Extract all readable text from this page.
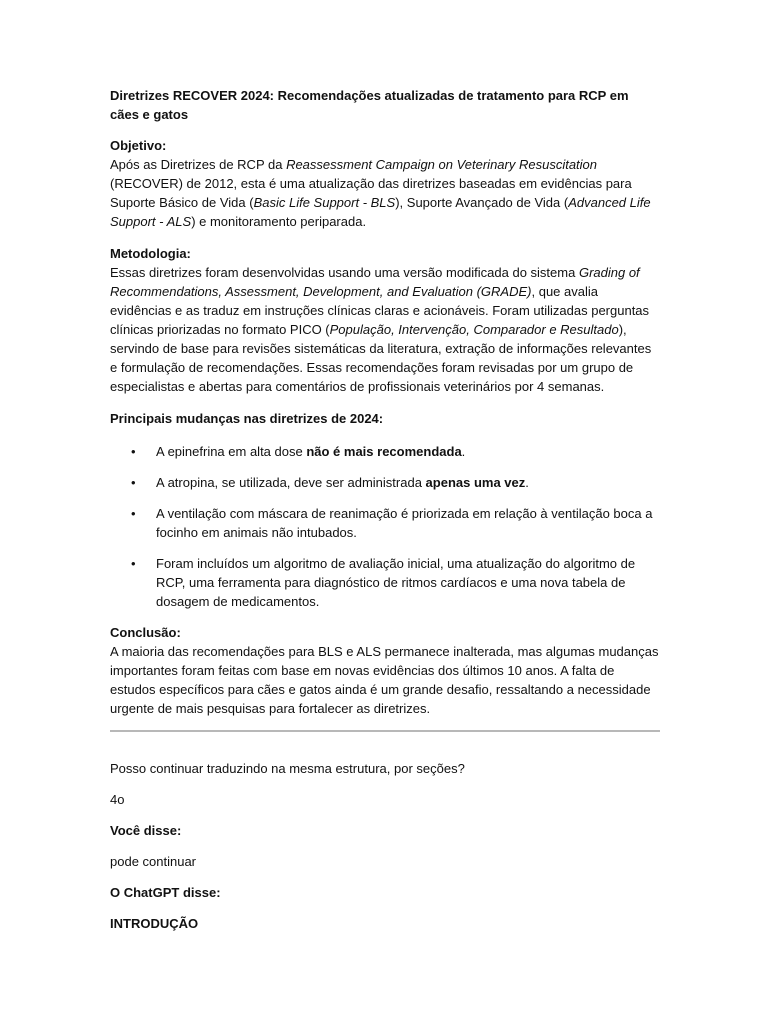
Diretrizes RECOVER 2024: Recomendações atualizadas de tratamento para RCP em cães e gatos

Objetivo:

Após as Diretrizes de RCP da Reassessment Campaign on Veterinary Resuscitation (RECOVER) de 2012, esta é uma atualização das diretrizes baseadas em evidências para Suporte Básico de Vida (Basic Life Support - BLS), Suporte Avançado de Vida (Advanced Life Support - ALS) e monitoramento periparada.

Metodologia:

Essas diretrizes foram desenvolvidas usando uma versão modificada do sistema Grading of Recommendations, Assessment, Development, and Evaluation (GRADE), que avalia evidências e as traduz em instruções clínicas claras e acionáveis. Foram utilizadas perguntas clínicas priorizadas no formato PICO (População, Intervenção, Comparador e Resultado), servindo de base para revisões sistemáticas da literatura, extração de informações relevantes e formulação de recomendações. Essas recomendações foram revisadas por um grupo de especialistas e abertas para comentários de profissionais veterinários por 4 semanas.

Principais mudanças nas diretrizes de 2024:

• A epinefrina em alta dose não é mais recomendada.
• A atropina, se utilizada, deve ser administrada apenas uma vez.
• A ventilação com máscara de reanimação é priorizada em relação à ventilação boca a focinho em animais não intubados.
• Foram incluídos um algoritmo de avaliação inicial, uma atualização do algoritmo de RCP, uma ferramenta para diagnóstico de ritmos cardíacos e uma nova tabela de dosagem de medicamentos.

Conclusão:

A maioria das recomendações para BLS e ALS permanece inalterada, mas algumas mudanças importantes foram feitas com base em novas evidências dos últimos 10 anos. A falta de estudos específicos para cães e gatos ainda é um grande desafio, ressaltando a necessidade urgente de mais pesquisas para fortalecer as diretrizes.

Posso continuar traduzindo na mesma estrutura, por seções?

4o

Você disse:

pode continuar

O ChatGPT disse:

INTRODUÇÃO
